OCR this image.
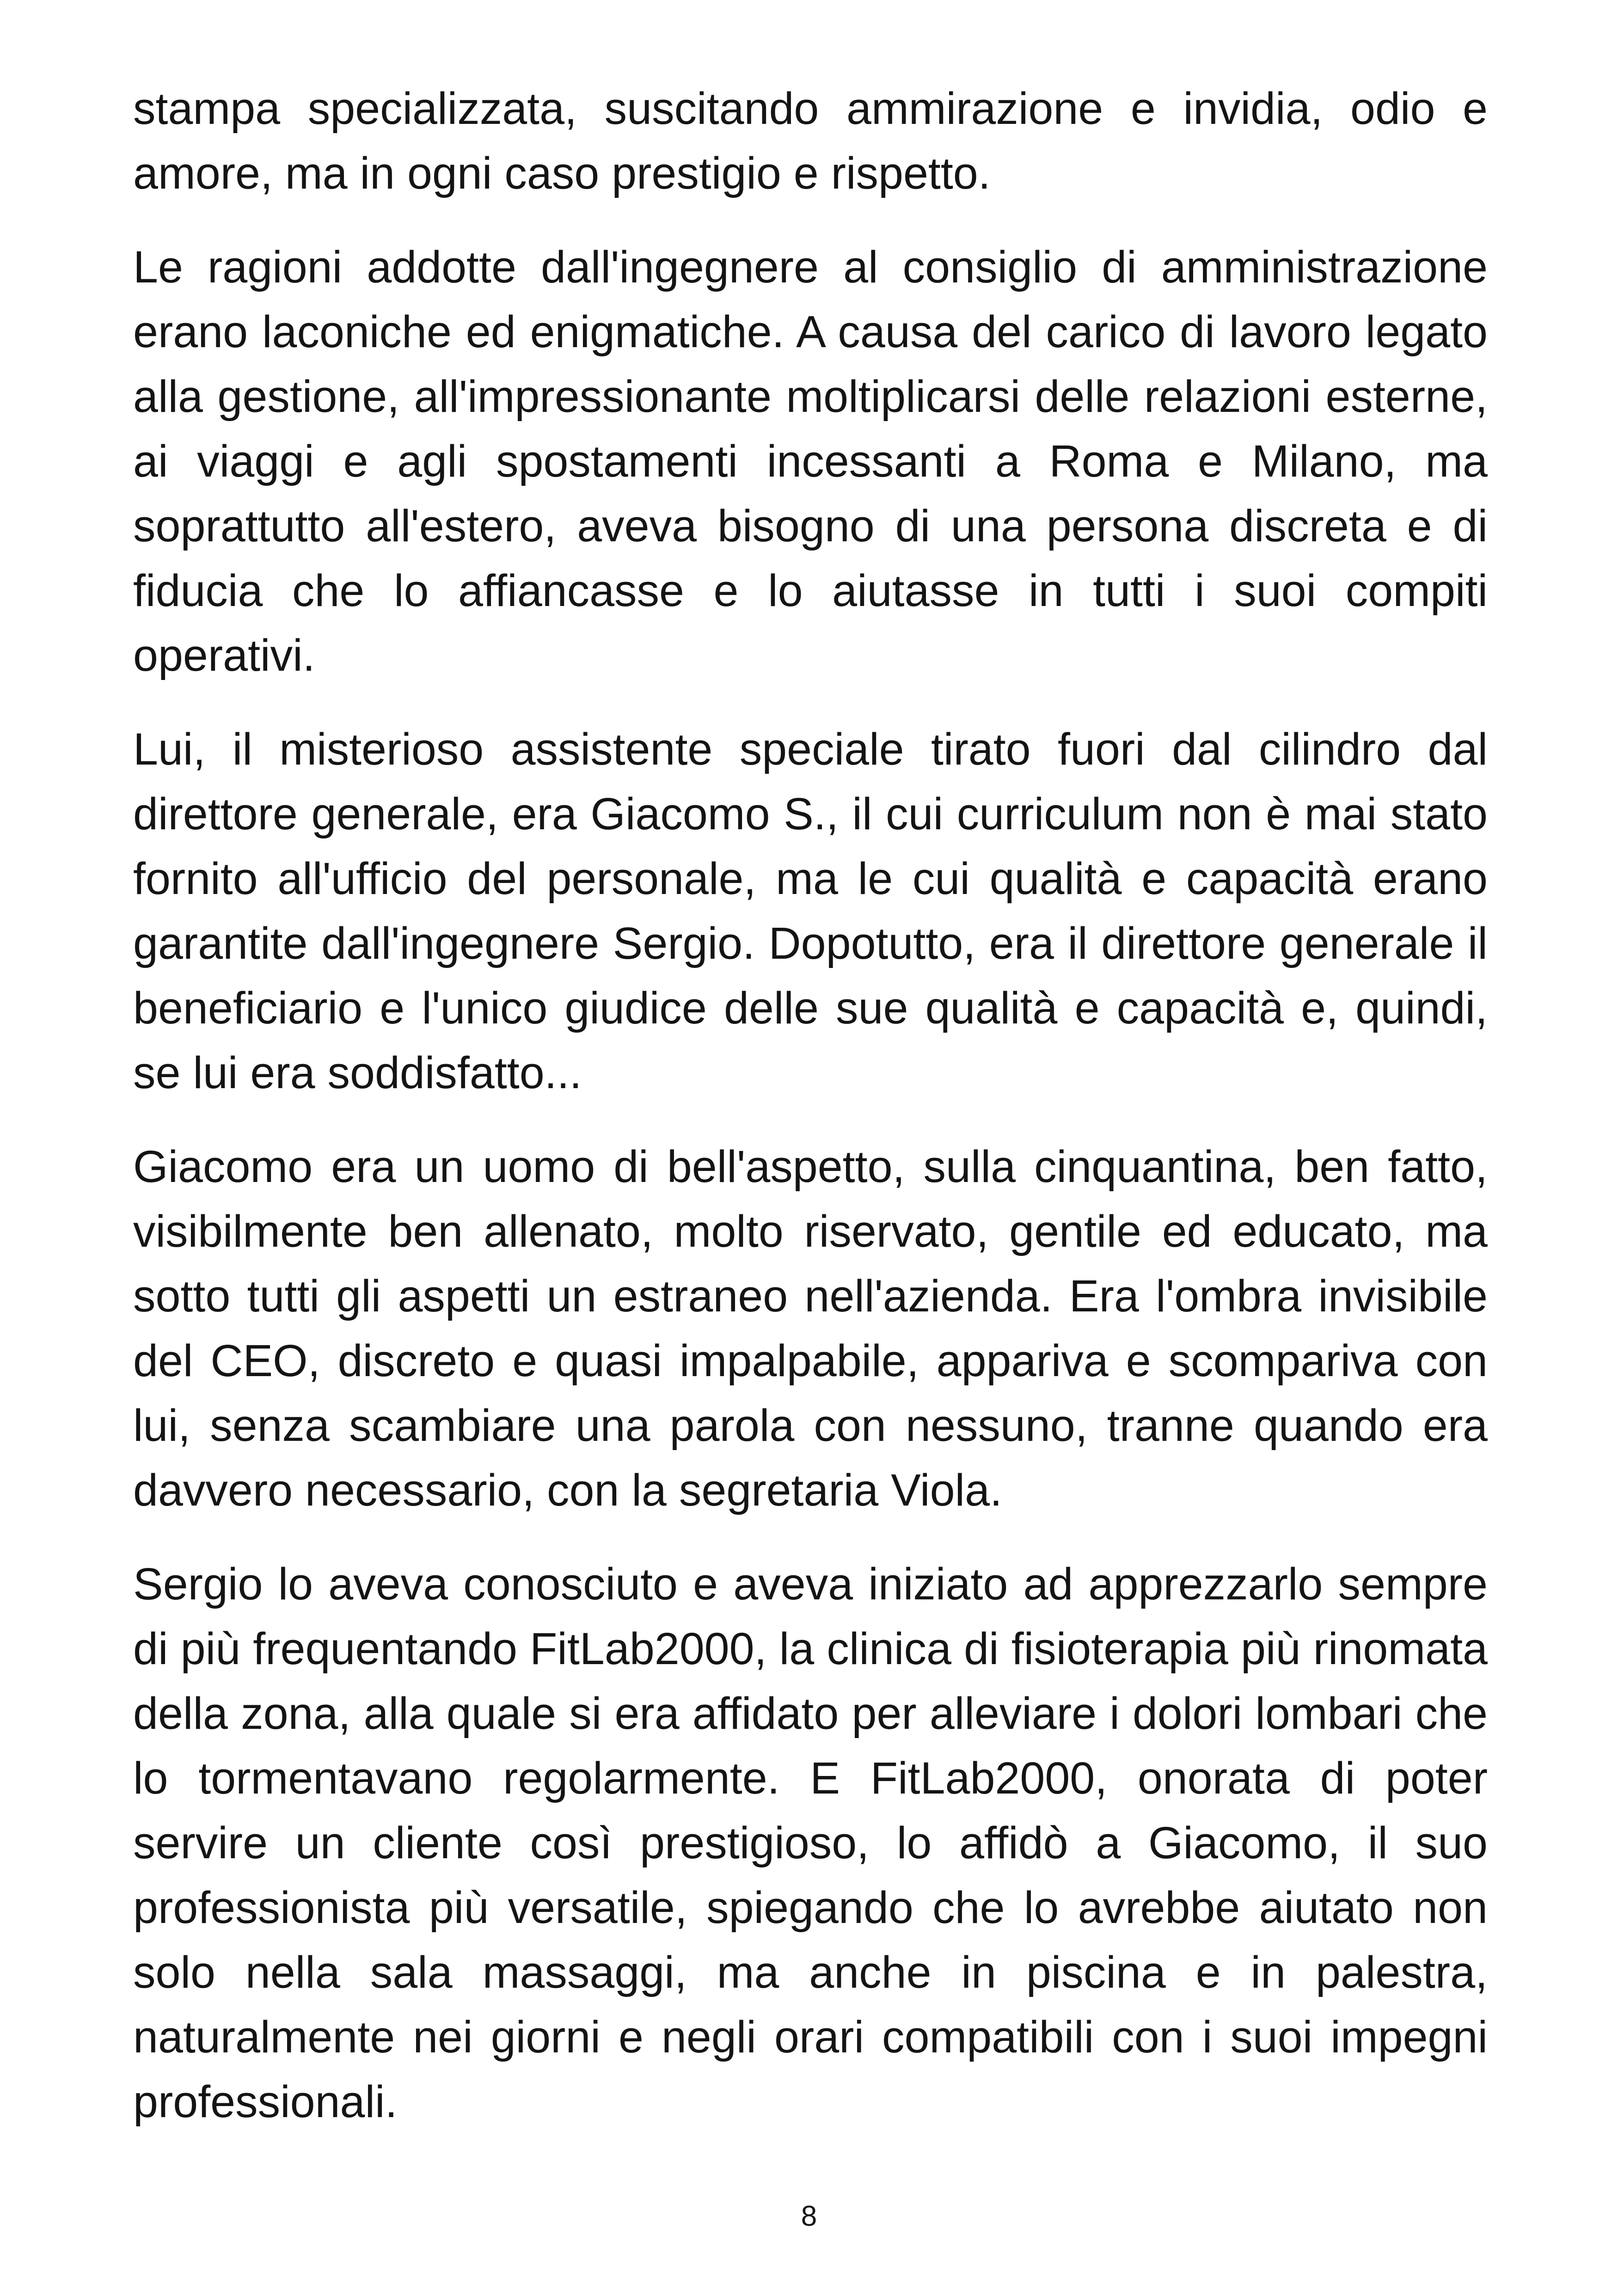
stampa specializzata, suscitando ammirazione e invidia, odio e amore, ma in ogni caso prestigio e rispetto.

Le ragioni addotte dall'ingegnere al consiglio di amministrazione erano laconiche ed enigmatiche. A causa del carico di lavoro legato alla gestione, all'impressionante moltiplicarsi delle relazioni esterne, ai viaggi e agli spostamenti incessanti a Roma e Milano, ma soprattutto all'estero, aveva bisogno di una persona discreta e di fiducia che lo affiancasse e lo aiutasse in tutti i suoi compiti operativi.

Lui, il misterioso assistente speciale tirato fuori dal cilindro dal direttore generale, era Giacomo S., il cui curriculum non è mai stato fornito all'ufficio del personale, ma le cui qualità e capacità erano garantite dall'ingegnere Sergio. Dopotutto, era il direttore generale il beneficiario e l'unico giudice delle sue qualità e capacità e, quindi, se lui era soddisfatto...

Giacomo era un uomo di bell'aspetto, sulla cinquantina, ben fatto, visibilmente ben allenato, molto riservato, gentile ed educato, ma sotto tutti gli aspetti un estraneo nell'azienda. Era l'ombra invisibile del CEO, discreto e quasi impalpabile, appariva e scompariva con lui, senza scambiare una parola con nessuno, tranne quando era davvero necessario, con la segretaria Viola.

Sergio lo aveva conosciuto e aveva iniziato ad apprezzarlo sempre di più frequentando FitLab2000, la clinica di fisioterapia più rinomata della zona, alla quale si era affidato per alleviare i dolori lombari che lo tormentavano regolarmente. E FitLab2000, onorata di poter servire un cliente così prestigioso, lo affidò a Giacomo, il suo professionista più versatile, spiegando che lo avrebbe aiutato non solo nella sala massaggi, ma anche in piscina e in palestra, naturalmente nei giorni e negli orari compatibili con i suoi impegni professionali.

8
